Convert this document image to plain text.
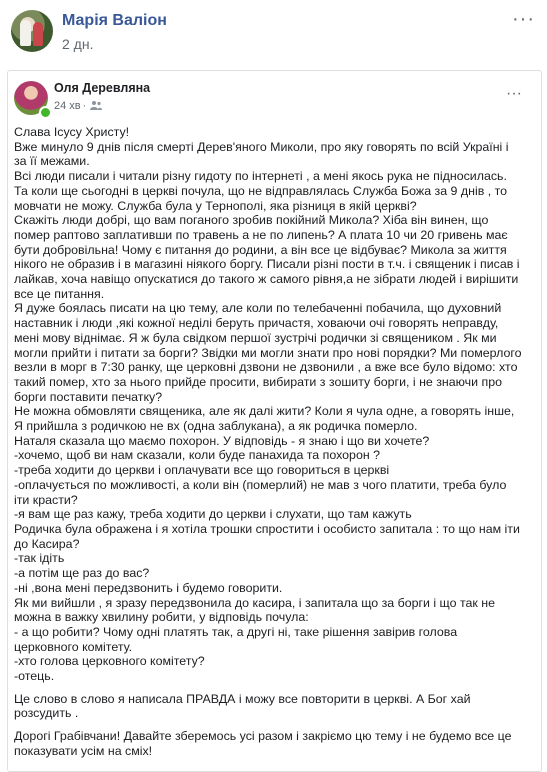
Марія Валіон
2 дн.
···
Оля Деревляна
24 хв ·
···

Слава Ісусу Христу!

Вже минуло 9 днів після смерті Дерев'яного Миколи, про яку говорять по всій Україні і за її межами.

Всі люди писали і читали різну гидоту по інтернеті , а мені якось рука не підносилась. Та коли ще сьогодні в церкві почула, що не відправлялась Служба Божа за 9 днів , то мовчати не можу. Служба була у Тернополі, яка різниця в якій церкві?

Скажіть люди добрі, що вам поганого зробив покійний Микола? Хіба він винен, що помер раптово заплативши по травень а не по липень? А плата 10 чи 20 гривень має бути добровільна! Чому є питання до родини, а він все це відбуває? Микола за життя нікого не образив і в магазині ніякого боргу. Писали різні пости в т.ч. і священик і писав і лайкав, хоча навіщо опускатися до такого ж самого рівня,а не зібрати людей і вирішити все це питання.

Я дуже боялась писати на цю тему, але коли по телебаченні побачила, що духовний наставник і люди ,які кожної неділі беруть причастя, ховаючи очі говорять неправду, мені мову віднімає. Я ж була свідком першої зустрічі родички зі священиком . Як ми могли прийти і питати за борги? Звідки ми могли знати про нові порядки? Ми померлого везли в морг в 7:30 ранку, ще церковні дзвони не дзвонили , а вже все було відомо: хто такий помер, хто за нього прийде просити, вибирати з зошиту борги, і не знаючи про борги поставити печатку?

Не можна обмовляти священика, але як далі жити? Коли я чула одне, а говорять інше, Я прийшла з родичкою не вх (одна заблукана), а як родичка померло.

Наталя сказала що маємо похорон. У відповідь - я знаю і що ви хочете?

-хочемо, щоб ви нам сказали, коли буде панахида та похорон ?

-треба ходити до церкви і оплачувати все що говориться в церкві

-оплачується по можливості, а коли він (померлий) не мав з чого платити, треба було іти красти?

-я вам ще раз кажу, треба ходити до церкви і слухати, що там кажуть

Родичка була ображена і я хотіла трошки спростити і особисто запитала : то що нам іти до Касира?

-так ідіть

-а потім ще раз до вас?

-ні ,вона мені передзвонить і будемо говорити.

Як ми вийшли , я зразу передзвонила до касира, і запитала що за борги і що так не можна в важку хвилину робити, у відповідь почула:

- а що робити? Чому одні платять так, а другі ні, таке рішення завірив голова церковного комітету.

-хто голова церковного комітету?

-отець.

Це слово в слово я написала ПРАВДА і можу все повторити в церкві. А Бог хай розсудить .

Дорогі Грабівчани! Давайте зберемось усі разом і закріємо цю тему і не будемо все це показувати усім на сміх!
